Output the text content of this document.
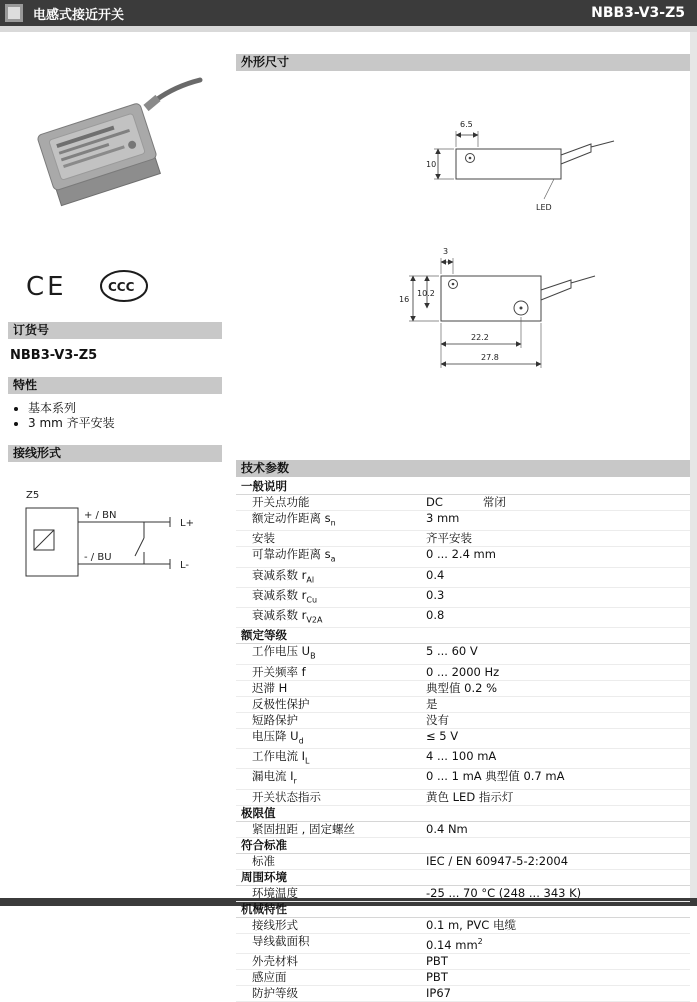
电感式接近开关	NBB3-V3-Z5
CE	CCC
订货号
NBB3-V3-Z5
特性
• 基本系列
• 3 mm 齐平安装
接线形式
Z5
+ / BN
L+
- / BU
L-
外形尺寸
6.5
10
LED
3
16
10.2
22.2
27.8
技术参数
一般说明
开关点功能	DC	常闭
额定动作距离 $s_n$	3 mm
安装	齐平安装
可靠动作距离 $s_a$	0 ... 2.4 mm
衰减系数 $r_{Al}$	0.4
衰减系数 $r_{Cu}$	0.3
衰减系数 $r_{V2A}$	0.8
额定等级
工作电压 $U_B$	5 ... 60 V
开关频率 f	0 ... 2000 Hz
迟滞 H	典型值 0.2 %
反极性保护	是
短路保护	没有
电压降 $U_d$	≤ 5 V
工作电流 $I_L$	4 ... 100 mA
漏电流 $I_r$	0 ... 1 mA 典型值 0.7 mA
开关状态指示	黄色 LED 指示灯
极限值
紧固扭距 , 固定螺丝	0.4 Nm
符合标准
标准	IEC / EN 60947-5-2:2004
周围环境
环境温度	-25 ... 70 °C (248 ... 343 K)
机械特性
接线形式	0.1 m, PVC 电缆
导线截面积	0.14 $mm^2$
外壳材料	PBT
感应面	PBT
防护等级	IP67
